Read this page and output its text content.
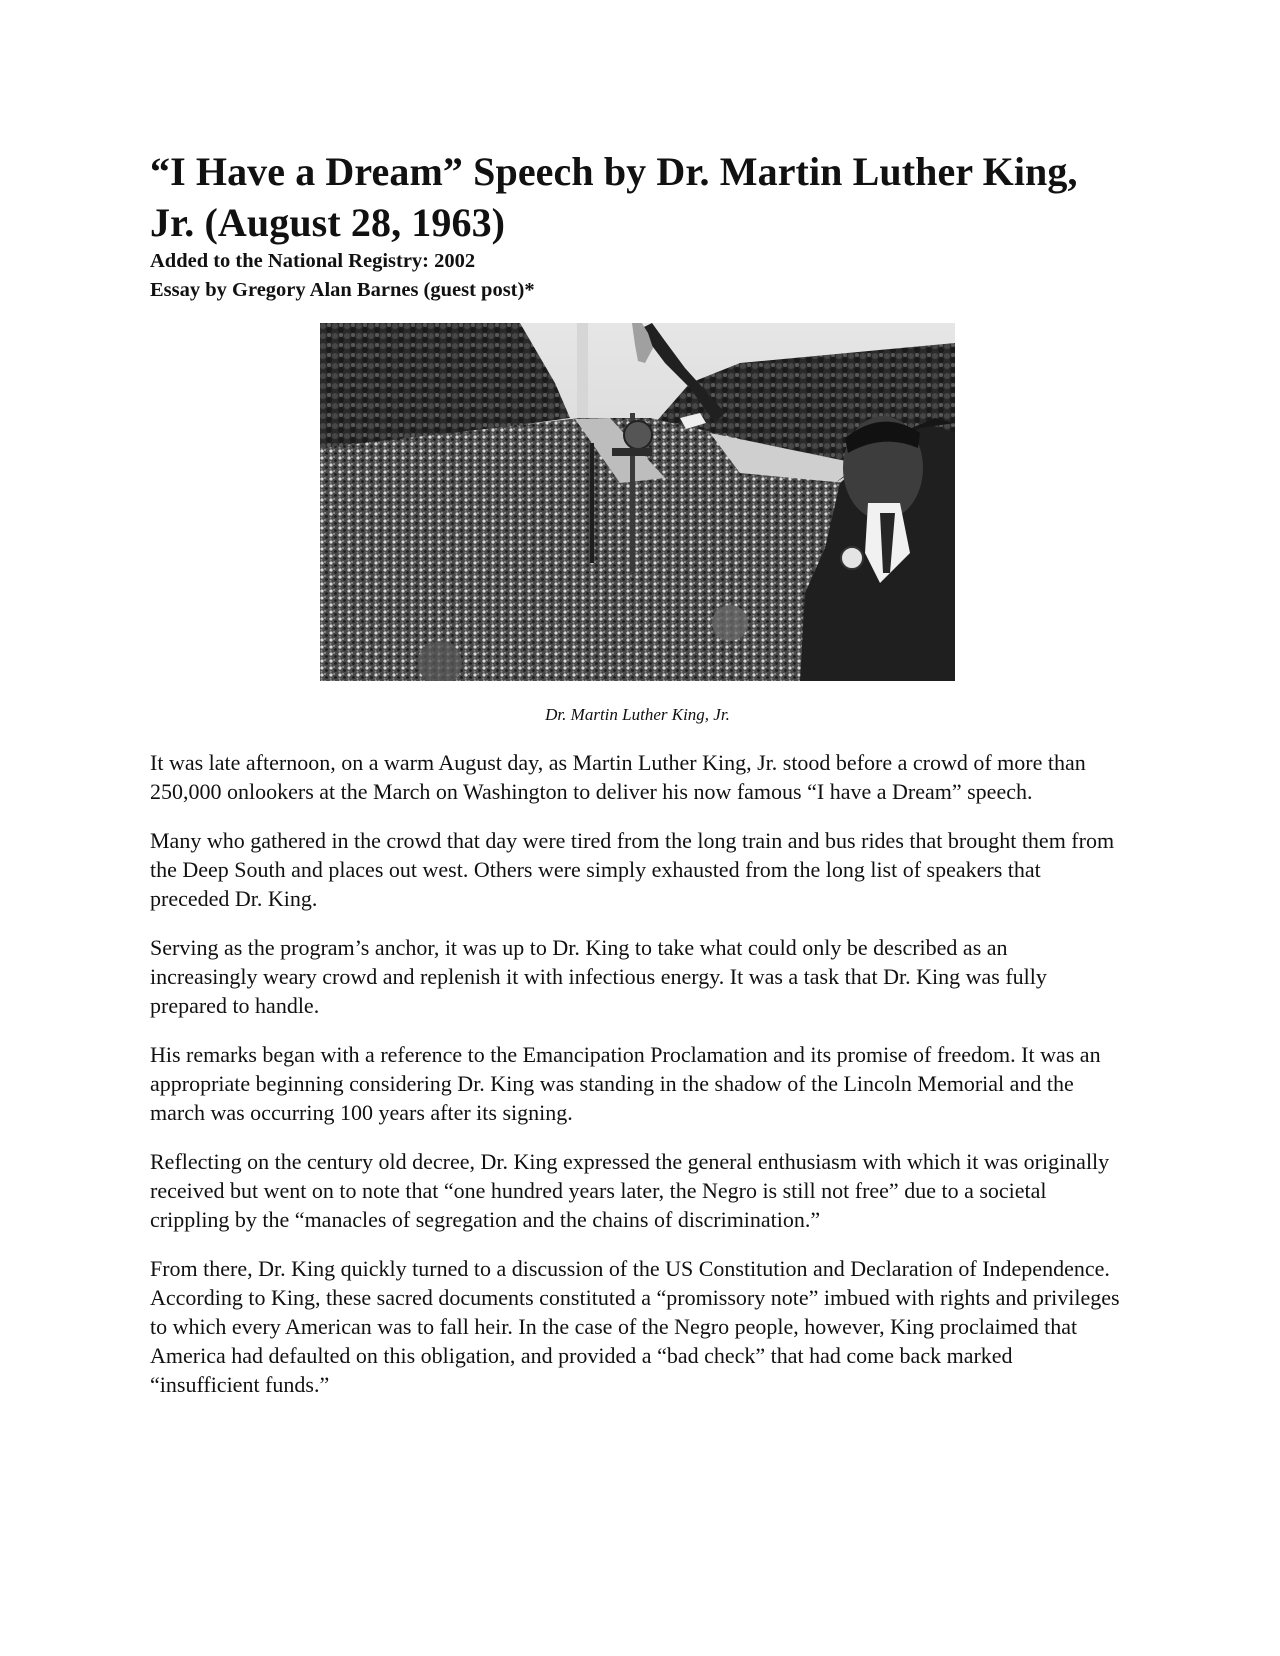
“I Have a Dream” Speech by Dr. Martin Luther King, Jr. (August 28, 1963)
Added to the National Registry: 2002
Essay by Gregory Alan Barnes (guest post)*
Dr. Martin Luther King, Jr.

It was late afternoon, on a warm August day, as Martin Luther King, Jr. stood before a crowd of more than 250,000 onlookers at the March on Washington to deliver his now famous “I have a Dream” speech.

Many who gathered in the crowd that day were tired from the long train and bus rides that brought them from the Deep South and places out west. Others were simply exhausted from the long list of speakers that preceded Dr. King.

Serving as the program’s anchor, it was up to Dr. King to take what could only be described as an increasingly weary crowd and replenish it with infectious energy. It was a task that Dr. King was fully prepared to handle.

His remarks began with a reference to the Emancipation Proclamation and its promise of freedom. It was an appropriate beginning considering Dr. King was standing in the shadow of the Lincoln Memorial and the march was occurring 100 years after its signing.

Reflecting on the century old decree, Dr. King expressed the general enthusiasm with which it was originally received but went on to note that “one hundred years later, the Negro is still not free” due to a societal crippling by the “manacles of segregation and the chains of discrimination.”

From there, Dr. King quickly turned to a discussion of the US Constitution and Declaration of Independence. According to King, these sacred documents constituted a “promissory note” imbued with rights and privileges to which every American was to fall heir. In the case of the Negro people, however, King proclaimed that America had defaulted on this obligation, and provided a “bad check” that had come back marked “insufficient funds.”
